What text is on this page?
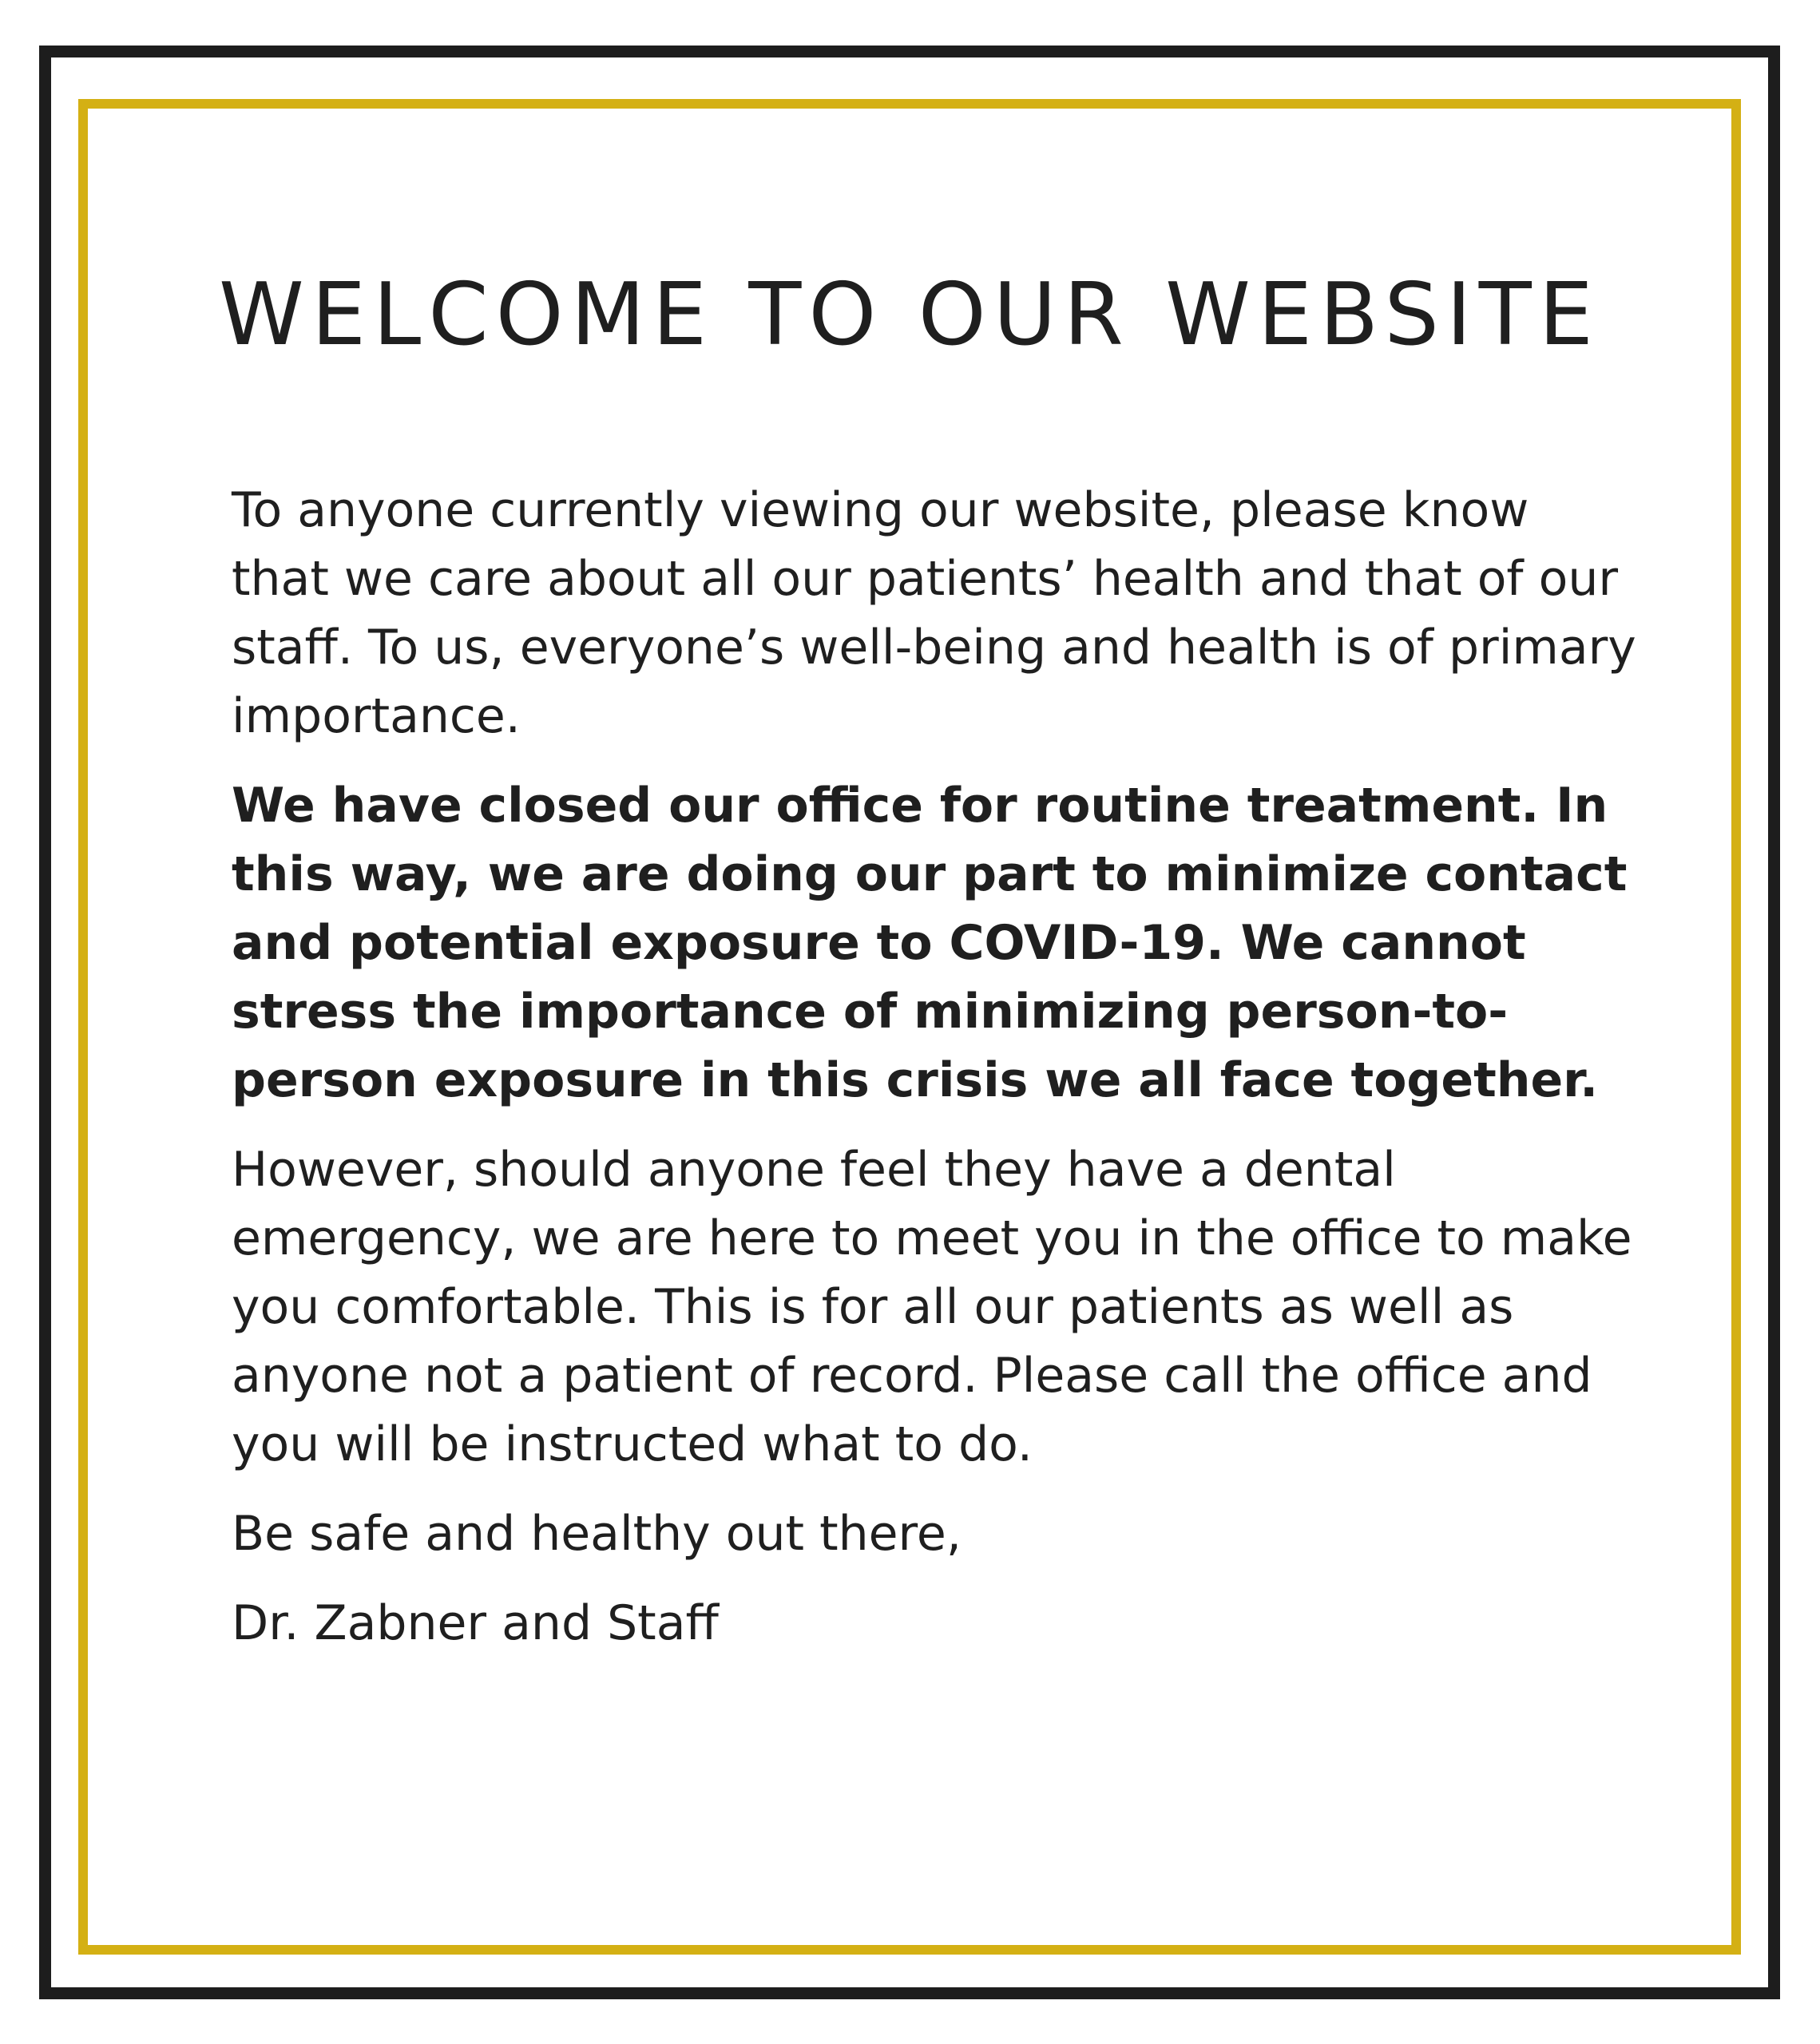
WELCOME TO OUR WEBSITE

To anyone currently viewing our website, please know that we care about all our patients’ health and that of our staff. To us, everyone’s well-being and health is of primary importance.

We have closed our office for routine treatment. In this way, we are doing our part to minimize contact and potential exposure to COVID-19. We cannot stress the importance of minimizing person-to-person exposure in this crisis we all face together.

However, should anyone feel they have a dental emergency, we are here to meet you in the office to make you comfortable. This is for all our patients as well as anyone not a patient of record. Please call the office and you will be instructed what to do.

Be safe and healthy out there,

Dr. Zabner and Staff
